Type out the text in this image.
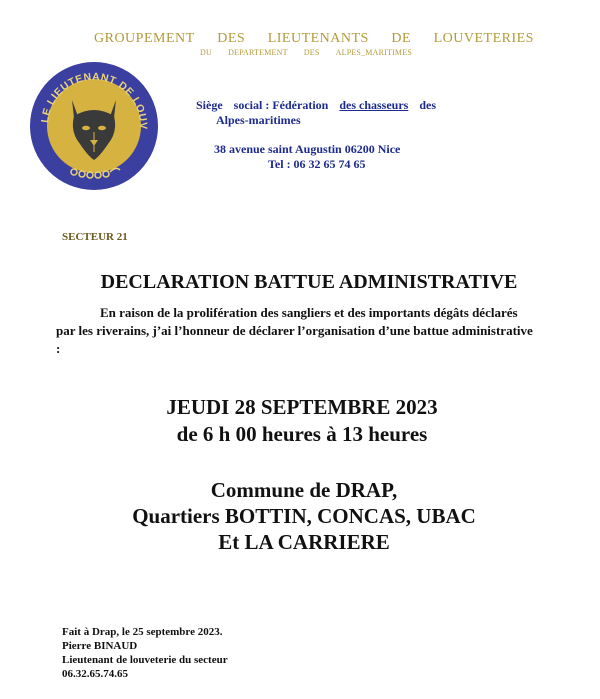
GROUPEMENT DES LIEUTENANTS DE LOUVETERIES
DU DEPARTEMENT DES ALPES_MARITIMES
LE LIEUTENANT DE LOUV
Siège social : Fédération des chasseurs des
Alpes-maritimes
38 avenue saint Augustin 06200 Nice
Tel : 06 32 65 74 65
SECTEUR 21
DECLARATION BATTUE ADMINISTRATIVE
En raison de la prolifération des sangliers et des importants dégâts déclarés par les riverains, j’ai l’honneur de déclarer l’organisation d’une battue administrative :
JEUDI 28 SEPTEMBRE 2023
de 6 h 00 heures à 13 heures
Commune de DRAP,
Quartiers BOTTIN, CONCAS, UBAC
Et LA CARRIERE
Fait à Drap, le 25 septembre 2023.
Pierre BINAUD
Lieutenant de louveterie du secteur
06.32.65.74.65
